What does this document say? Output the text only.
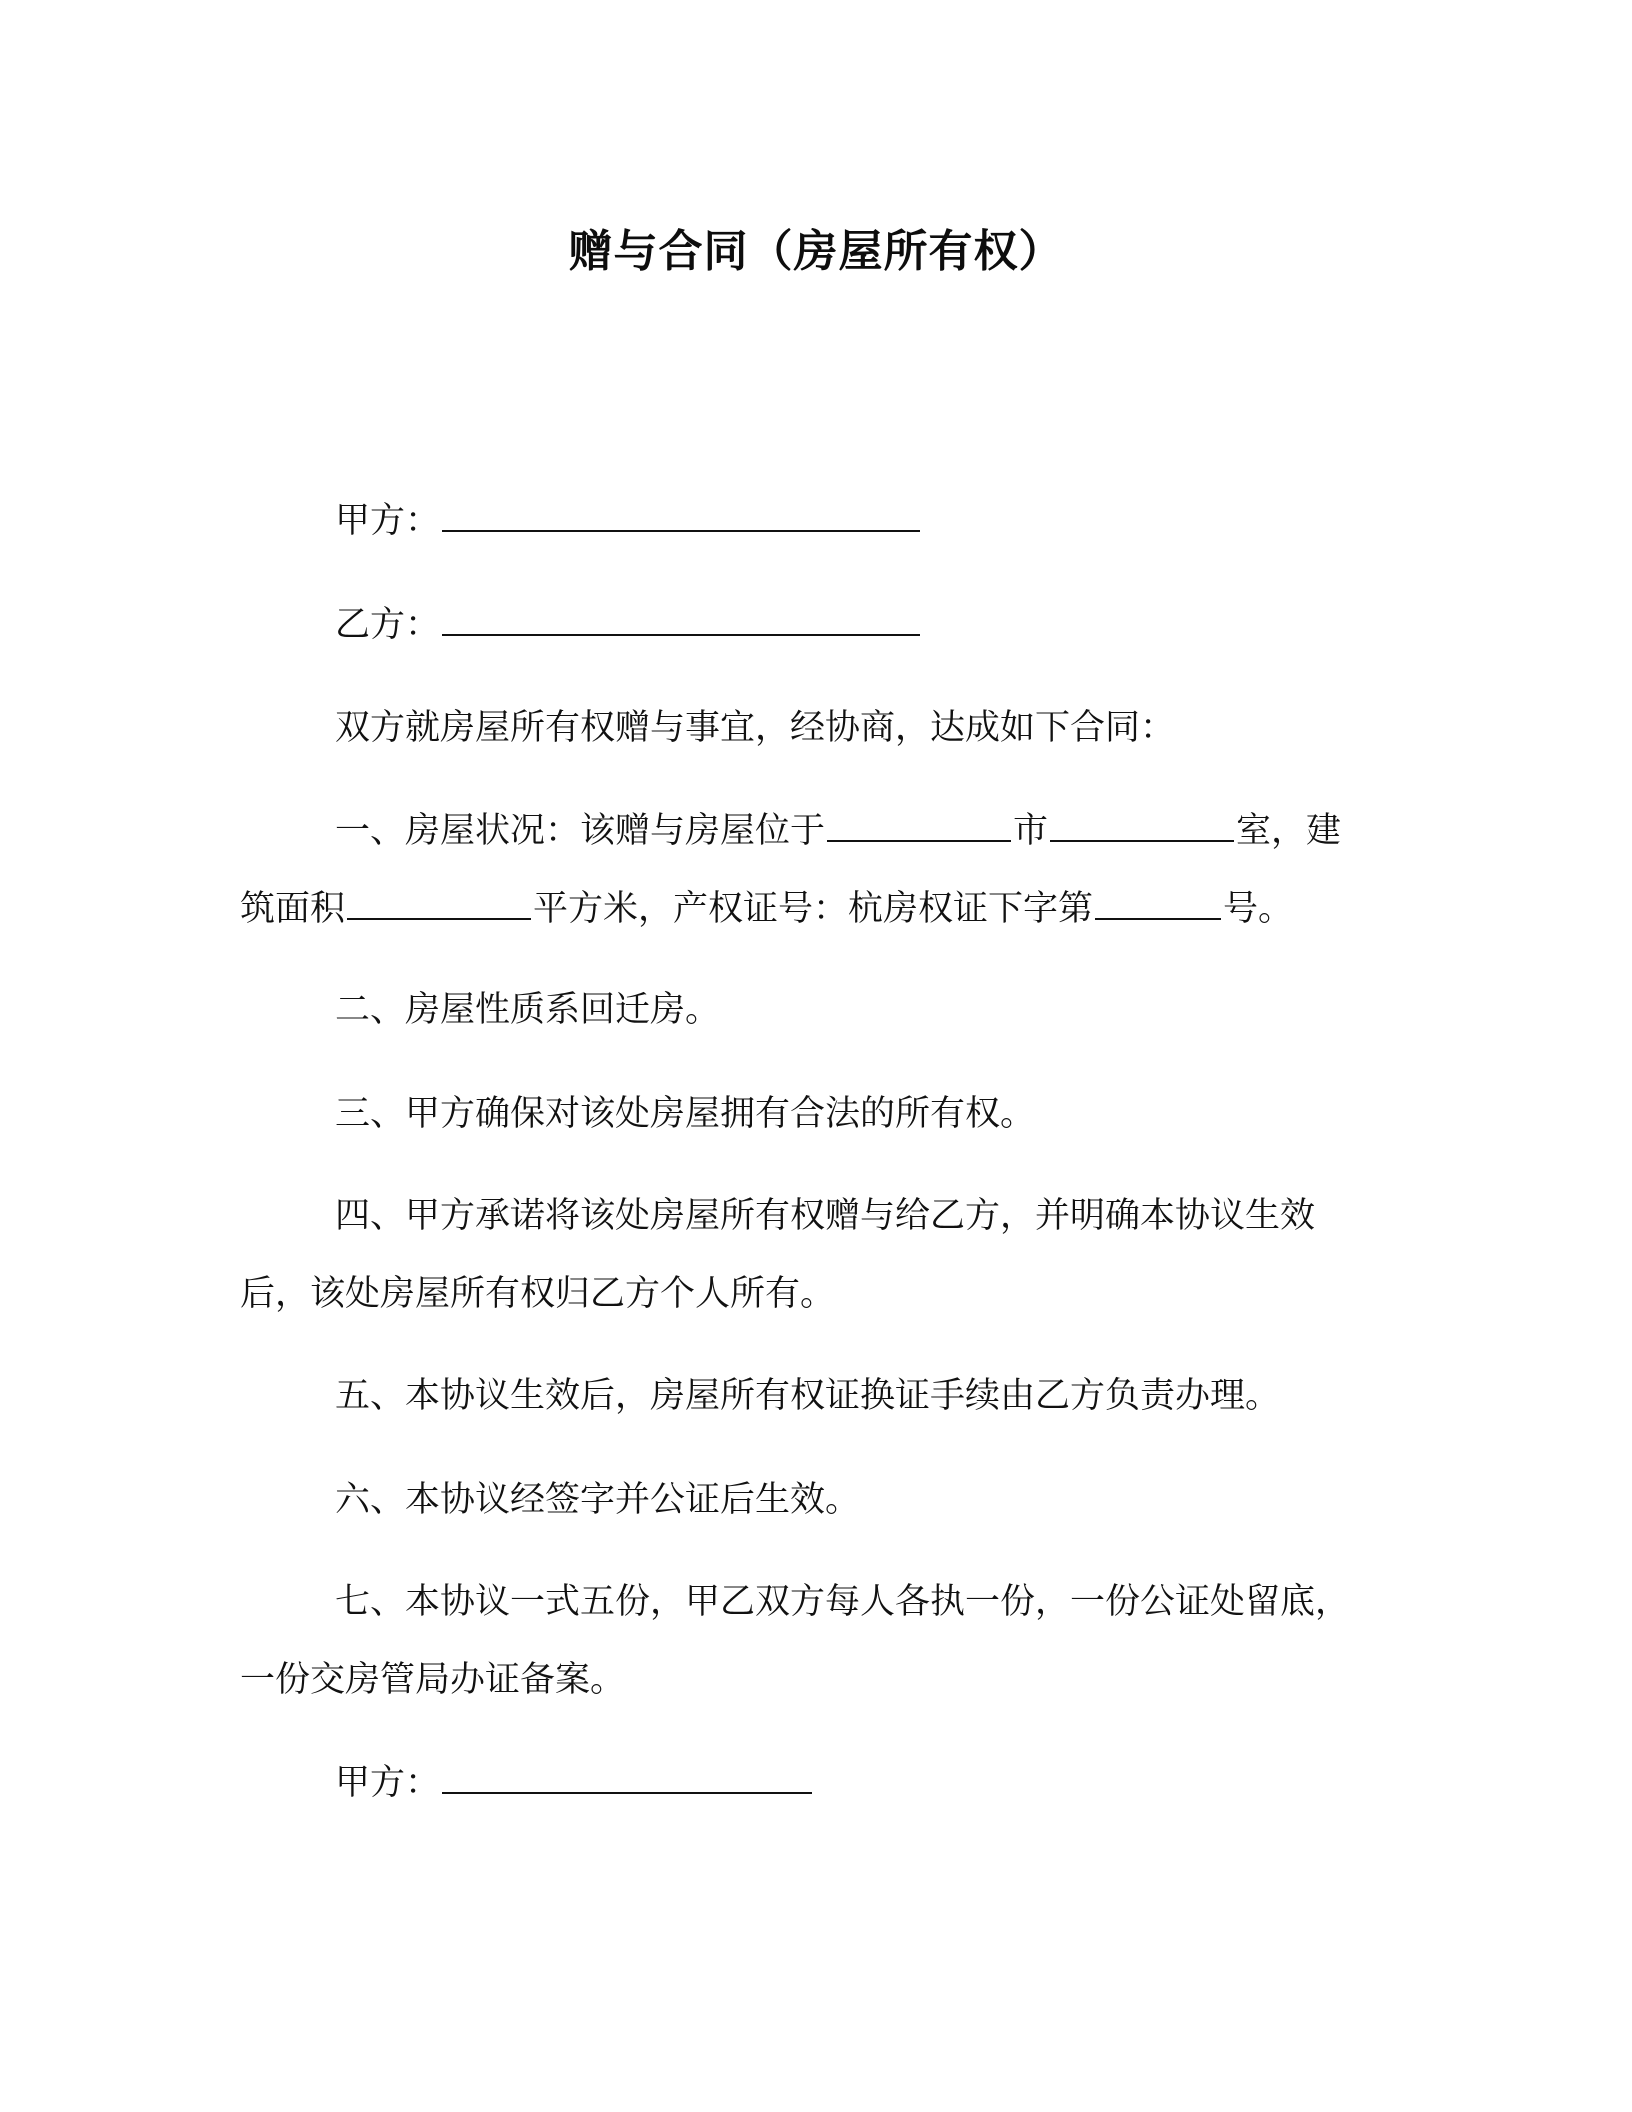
赠与合同（房屋所有权）
甲方：
乙方：
双方就房屋所有权赠与事宜，经协商，达成如下合同：
一、房屋状况：该赠与房屋位于	市	室，建
筑面积	平方米，产权证号：杭房权证下字第	号。
二、房屋性质系回迁房。
三、甲方确保对该处房屋拥有合法的所有权。
四、甲方承诺将该处房屋所有权赠与给乙方，并明确本协议生效
后，该处房屋所有权归乙方个人所有。
五、本协议生效后，房屋所有权证换证手续由乙方负责办理。
六、本协议经签字并公证后生效。
七、本协议一式五份，甲乙双方每人各执一份，一份公证处留底，
一份交房管局办证备案。
甲方：
